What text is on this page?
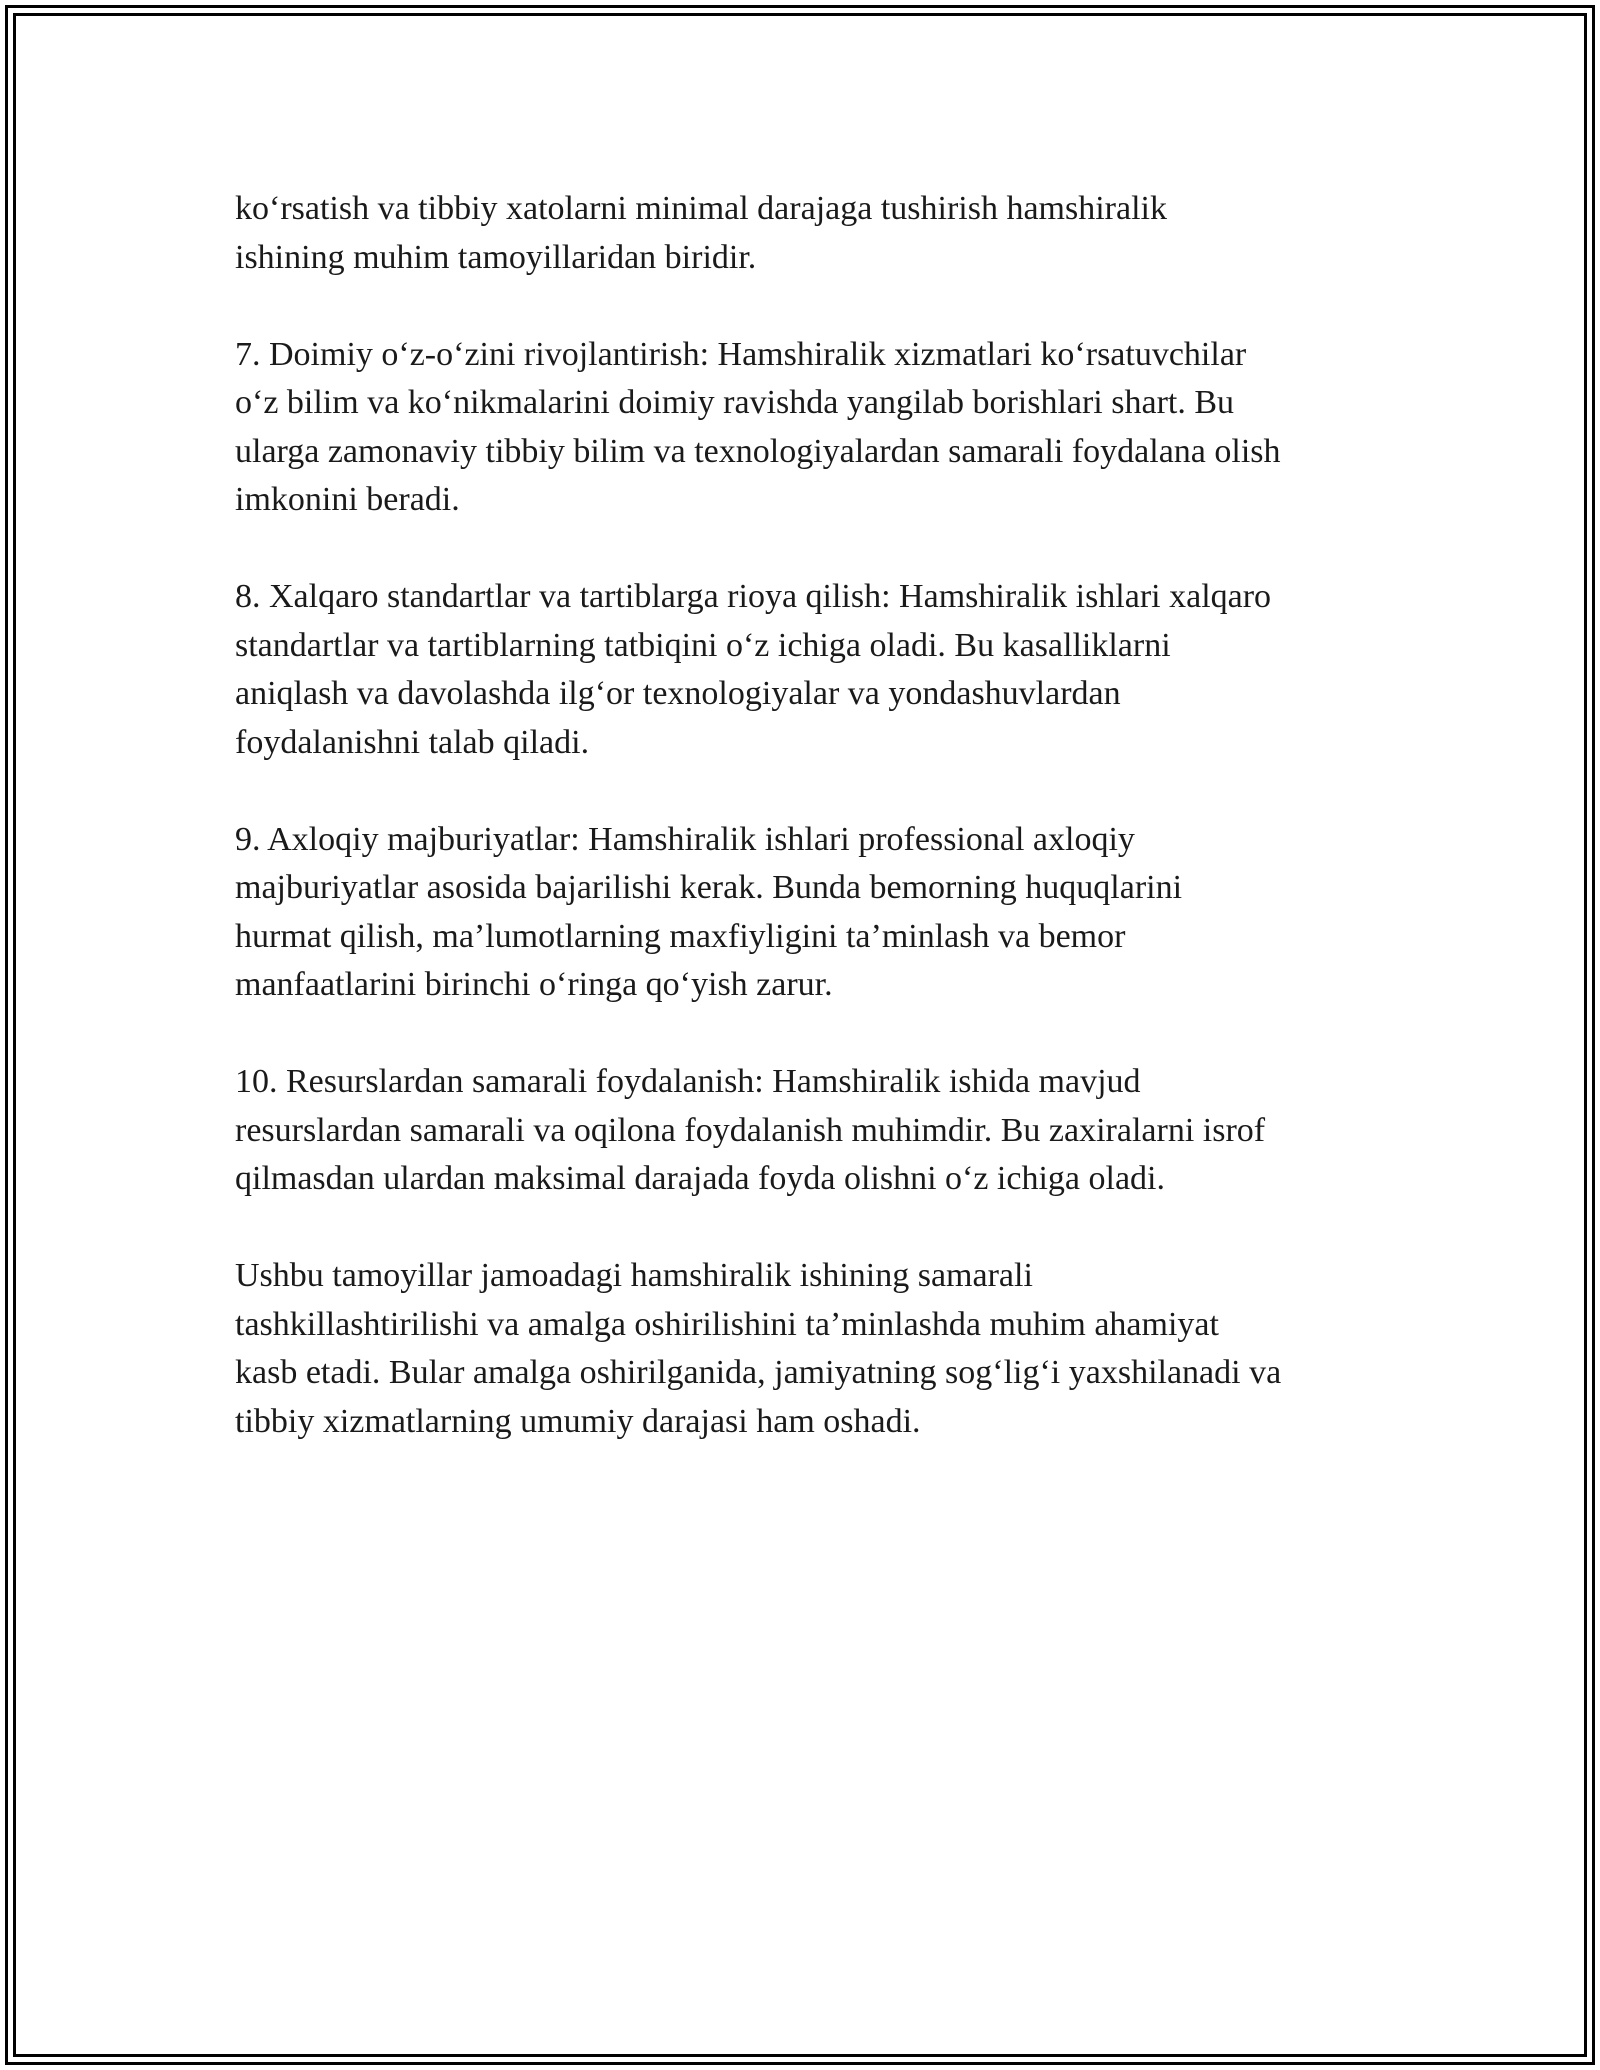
ko‘rsatish va tibbiy xatolarni minimal darajaga tushirish hamshiralik
ishining muhim tamoyillaridan biridir.

7. Doimiy o‘z-o‘zini rivojlantirish: Hamshiralik xizmatlari ko‘rsatuvchilar
o‘z bilim va ko‘nikmalarini doimiy ravishda yangilab borishlari shart. Bu
ularga zamonaviy tibbiy bilim va texnologiyalardan samarali foydalana olish
imkonini beradi.

8. Xalqaro standartlar va tartiblarga rioya qilish: Hamshiralik ishlari xalqaro
standartlar va tartiblarning tatbiqini o‘z ichiga oladi. Bu kasalliklarni
aniqlash va davolashda ilg‘or texnologiyalar va yondashuvlardan
foydalanishni talab qiladi.

9. Axloqiy majburiyatlar: Hamshiralik ishlari professional axloqiy
majburiyatlar asosida bajarilishi kerak. Bunda bemorning huquqlarini
hurmat qilish, ma’lumotlarning maxfiyligini ta’minlash va bemor
manfaatlarini birinchi o‘ringa qo‘yish zarur.

10. Resurslardan samarali foydalanish: Hamshiralik ishida mavjud
resurslardan samarali va oqilona foydalanish muhimdir. Bu zaxiralarni isrof
qilmasdan ulardan maksimal darajada foyda olishni o‘z ichiga oladi.

Ushbu tamoyillar jamoadagi hamshiralik ishining samarali
tashkillashtirilishi va amalga oshirilishini ta’minlashda muhim ahamiyat
kasb etadi. Bular amalga oshirilganida, jamiyatning sog‘lig‘i yaxshilanadi va
tibbiy xizmatlarning umumiy darajasi ham oshadi.
